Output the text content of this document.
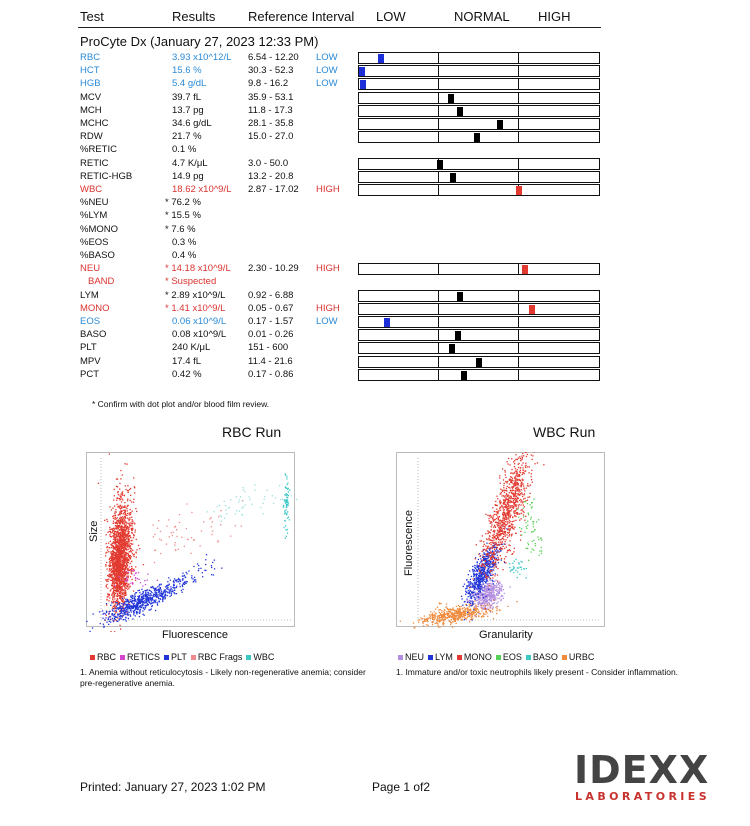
Test	Results	Reference Interval LOW	NORMAL HIGH
ProCyte Dx (January 27, 2023 12:33 PM)
RBC	3.93 x10^12/L 6.54 - 12.20 LOW
HCT	15.6 %	30.3 - 52.3 LOW
HGB	5.4 g/dL	9.8 - 16.2	LOW
MCV	39.7 fL	35.9 - 53.1
MCH	13.7 pg	11.8 - 17.3
MCHC	34.6 g/dL	28.1 - 35.8
RDW	21.7 %	15.0 - 27.0
%RETIC	0.1 %
RETIC	4.7 K/μL	3.0 - 50.0
RETIC-HGB	14.9 pg	13.2 - 20.8
WBC	18.62 x10^9/L 2.87 - 17.02 HIGH
%NEU	* 76.2 %
%LYM	* 15.5 %
%MONO	* 7.6 %
%EOS	0.3 %
%BASO	0.4 %
NEU	* 14.18 x10^9/L 2.30 - 10.29 HIGH
BAND	* Suspected
LYM	* 2.89 x10^9/L 0.92 - 6.88
MONO	* 1.41 x10^9/L 0.05 - 0.67 HIGH
EOS	0.06 x10^9/L 0.17 - 1.57 LOW
BASO	0.08 x10^9/L 0.01 - 0.26
PLT	240 K/μL	151 - 600
MPV	17.4 fL	11.4 - 21.6
PCT	0.42 %	0.17 - 0.86
* Confirm with dot plot and/or blood film review.
RBC Run
Size
Fluorescence
RBC RETICS PLT RBC Frags WBC
1. Anemia without reticulocytosis - Likely non-regenerative anemia; consider pre-regenerative anemia.
WBC Run
Fluorescence
Granularity
NEU LYM MONO EOS BASO URBC
1. Immature and/or toxic neutrophils likely present - Consider inflammation.
Printed: January 27, 2023 1:02 PM	Page 1 of2	IDEXX
LABORATORIES
